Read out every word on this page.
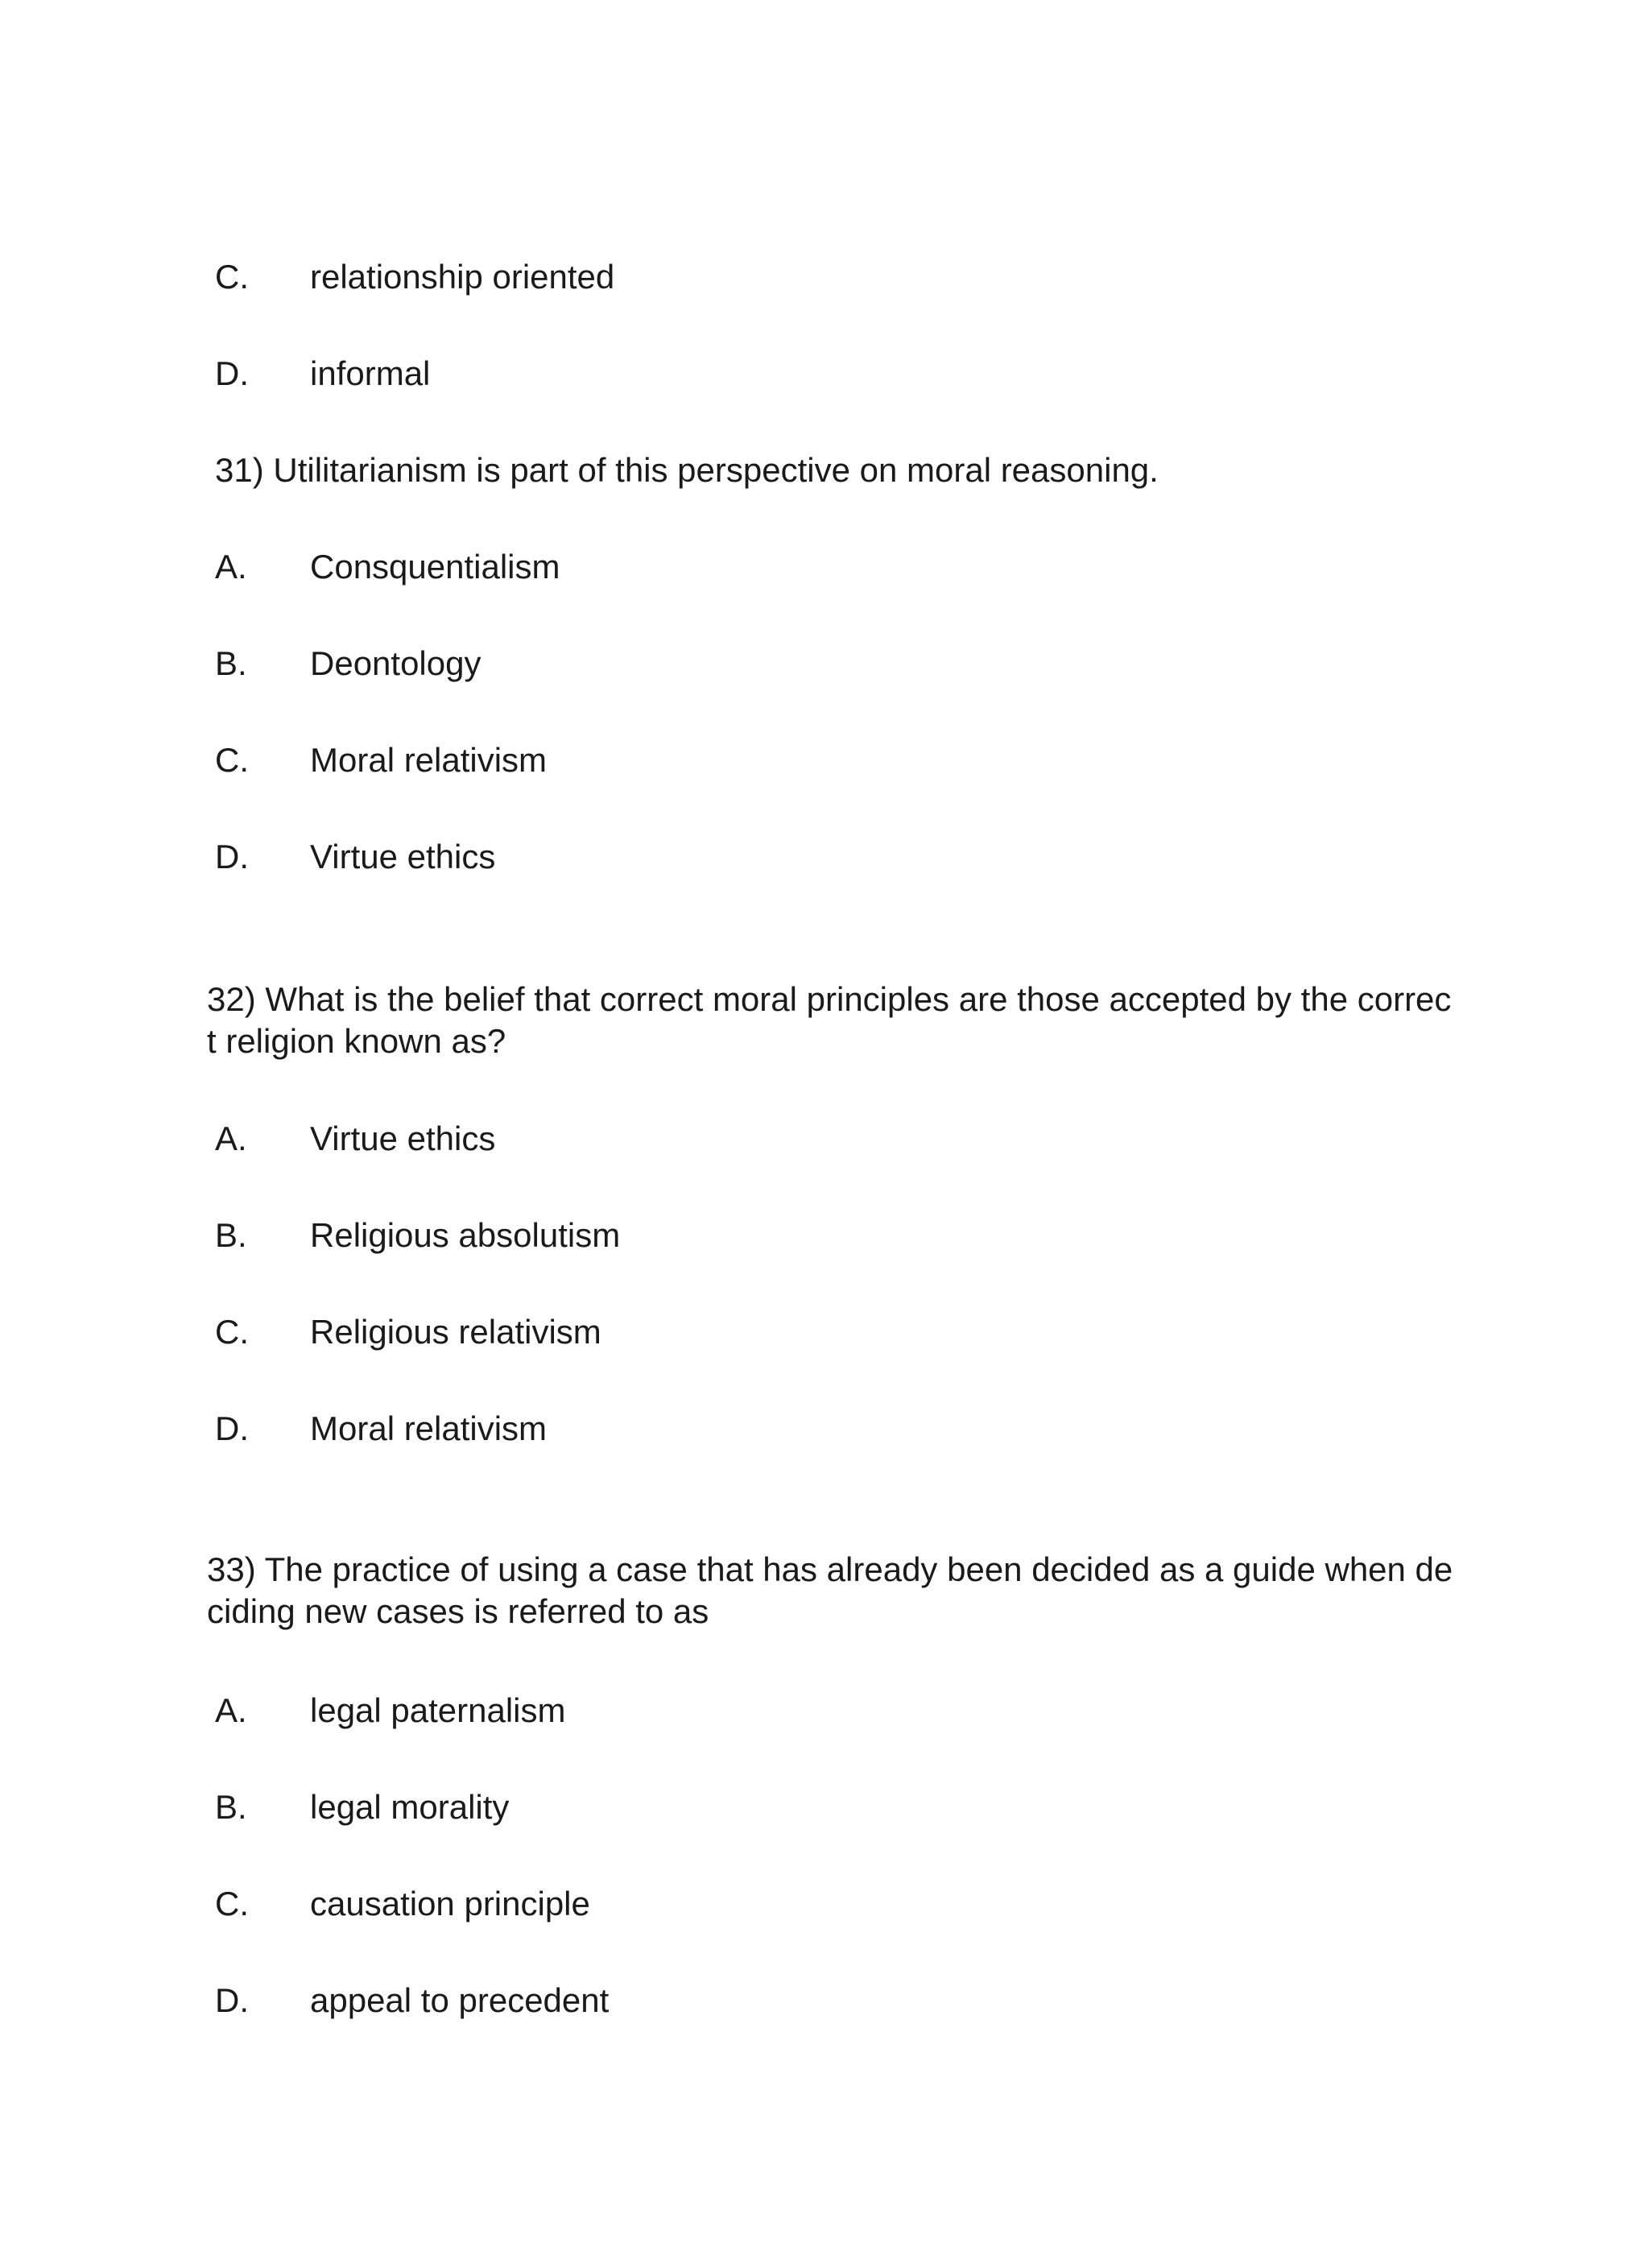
C. relationship oriented
D. informal
31) Utilitarianism is part of this perspective on moral reasoning.
A. Consquentialism
B. Deontology
C. Moral relativism
D. Virtue ethics
32) What is the belief that correct moral principles are those accepted by the correc
t religion known as?
A. Virtue ethics
B. Religious absolutism
C. Religious relativism
D. Moral relativism
33) The practice of using a case that has already been decided as a guide when de
ciding new cases is referred to as
A. legal paternalism
B. legal morality
C. causation principle
D. appeal to precedent
